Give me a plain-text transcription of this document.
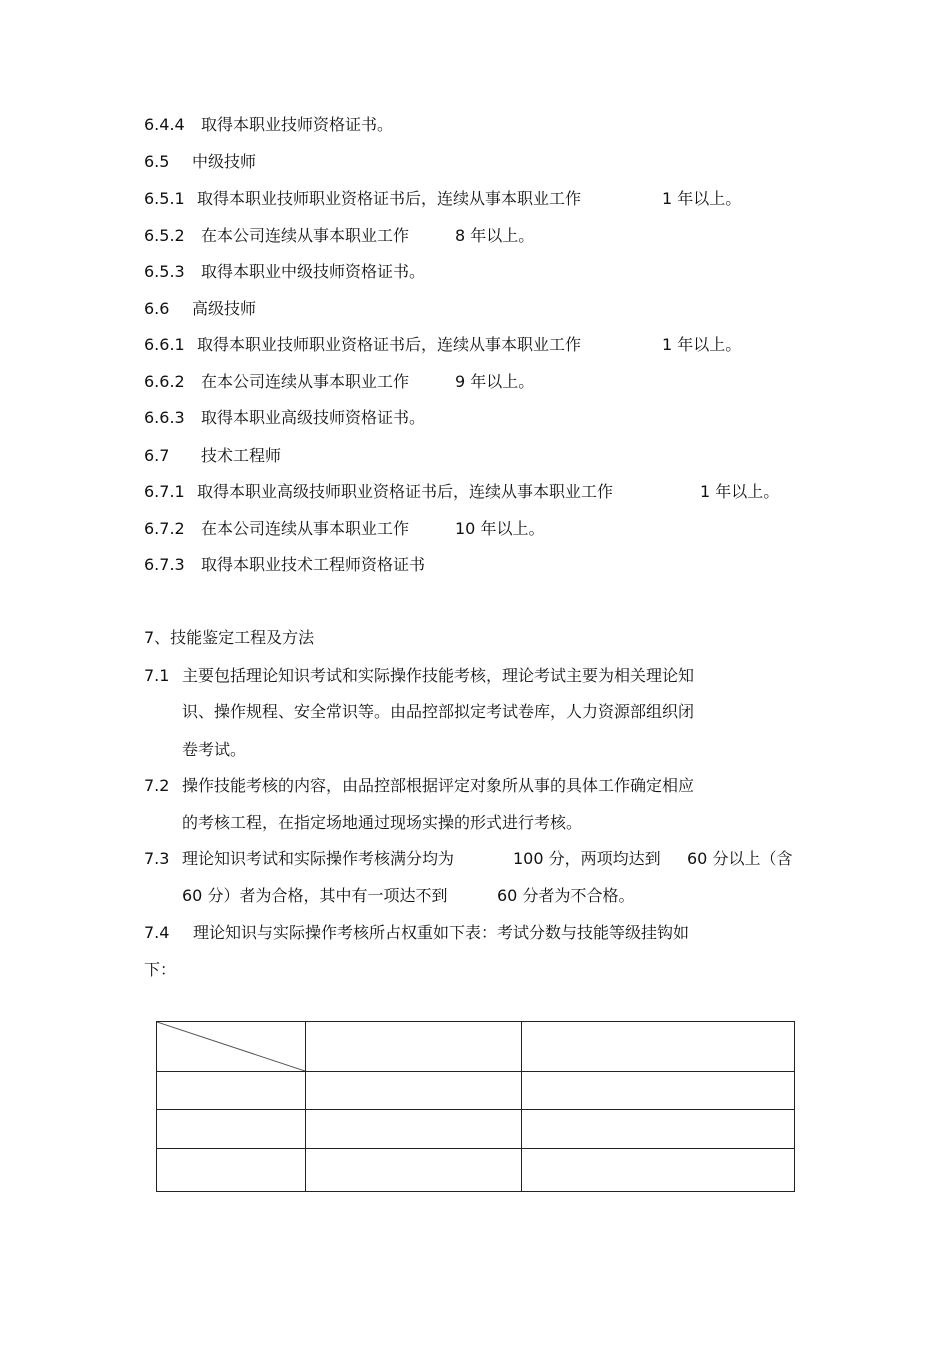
6.4.4 取得本职业技师资格证书。
6.5 中级技师
6.5.1 取得本职业技师职业资格证书后，连续从事本职业工作	1 年以上。
6.5.2 在本公司连续从事本职业工作	8 年以上。
6.5.3 取得本职业中级技师资格证书。
6.6 高级技师
6.6.1 取得本职业技师职业资格证书后，连续从事本职业工作	1 年以上。
6.6.2 在本公司连续从事本职业工作	9 年以上。
6.6.3 取得本职业高级技师资格证书。
6.7 技术工程师
6.7.1 取得本职业高级技师职业资格证书后，连续从事本职业工作	1 年以上。
6.7.2 在本公司连续从事本职业工作	10 年以上。
6.7.3 取得本职业技术工程师资格证书
7、技能鉴定工程及方法
7.1 主要包括理论知识考试和实际操作技能考核，理论考试主要为相关理论知
识、操作规程、安全常识等。由品控部拟定考试卷库，人力资源部组织闭
卷考试。
7.2 操作技能考核的内容，由品控部根据评定对象所从事的具体工作确定相应
的考核工程，在指定场地通过现场实操的形式进行考核。
7.3 理论知识考试和实际操作考核满分均为	100 分，两项均达到 60 分以上（含
60 分）者为合格，其中有一项达不到	60 分者为不合格。
7.4 理论知识与实际操作考核所占权重如下表：考试分数与技能等级挂钩如
下：
